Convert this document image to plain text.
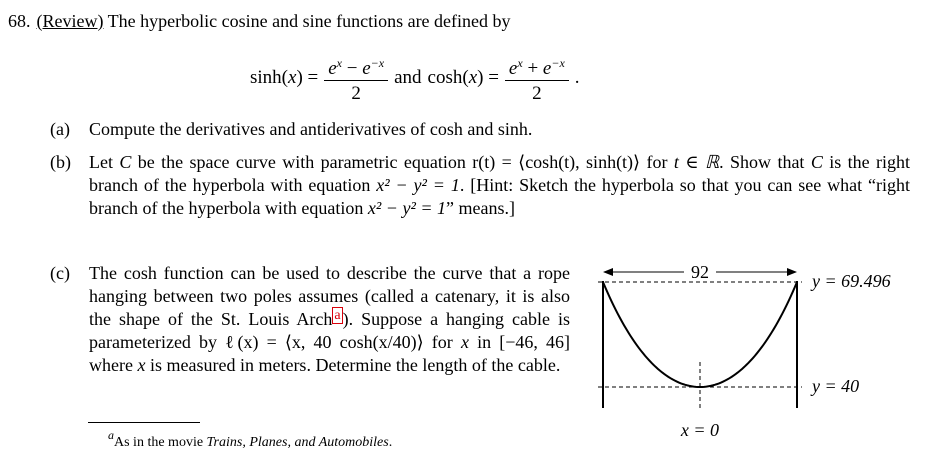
68. (Review) The hyperbolic cosine and sine functions are defined by
$\sinh(x) = \frac{e^x - e^{-x}}{2}$ and $\cosh(x) = \frac{e^x + e^{-x}}{2}$ .
(a) Compute the derivatives and antiderivatives of cosh and sinh.
(b) Let C be the space curve with parametric equation r(t) = ⟨cosh(t), sinh(t)⟩ for t ∈ ℝ. Show that C is the right branch of the hyperbola with equation x² − y² = 1. [Hint: Sketch the hyperbola so that you can see what “right branch of the hyperbola with equation x² − y² = 1” means.]
(c) The cosh function can be used to describe the curve that a rope hanging between two poles assumes (called a catenary, it is also the shape of the St. Louis Arch $^a$ ). Suppose a hanging cable is parameterized by ℓ(x) = ⟨x, 40 cosh(x/40)⟩ for x in [−46, 46] where x is measured in meters. Determine the length of the cable.
$^a$As in the movie Trains, Planes, and Automobiles.
92	y = 69.496
y = 40
x = 0
